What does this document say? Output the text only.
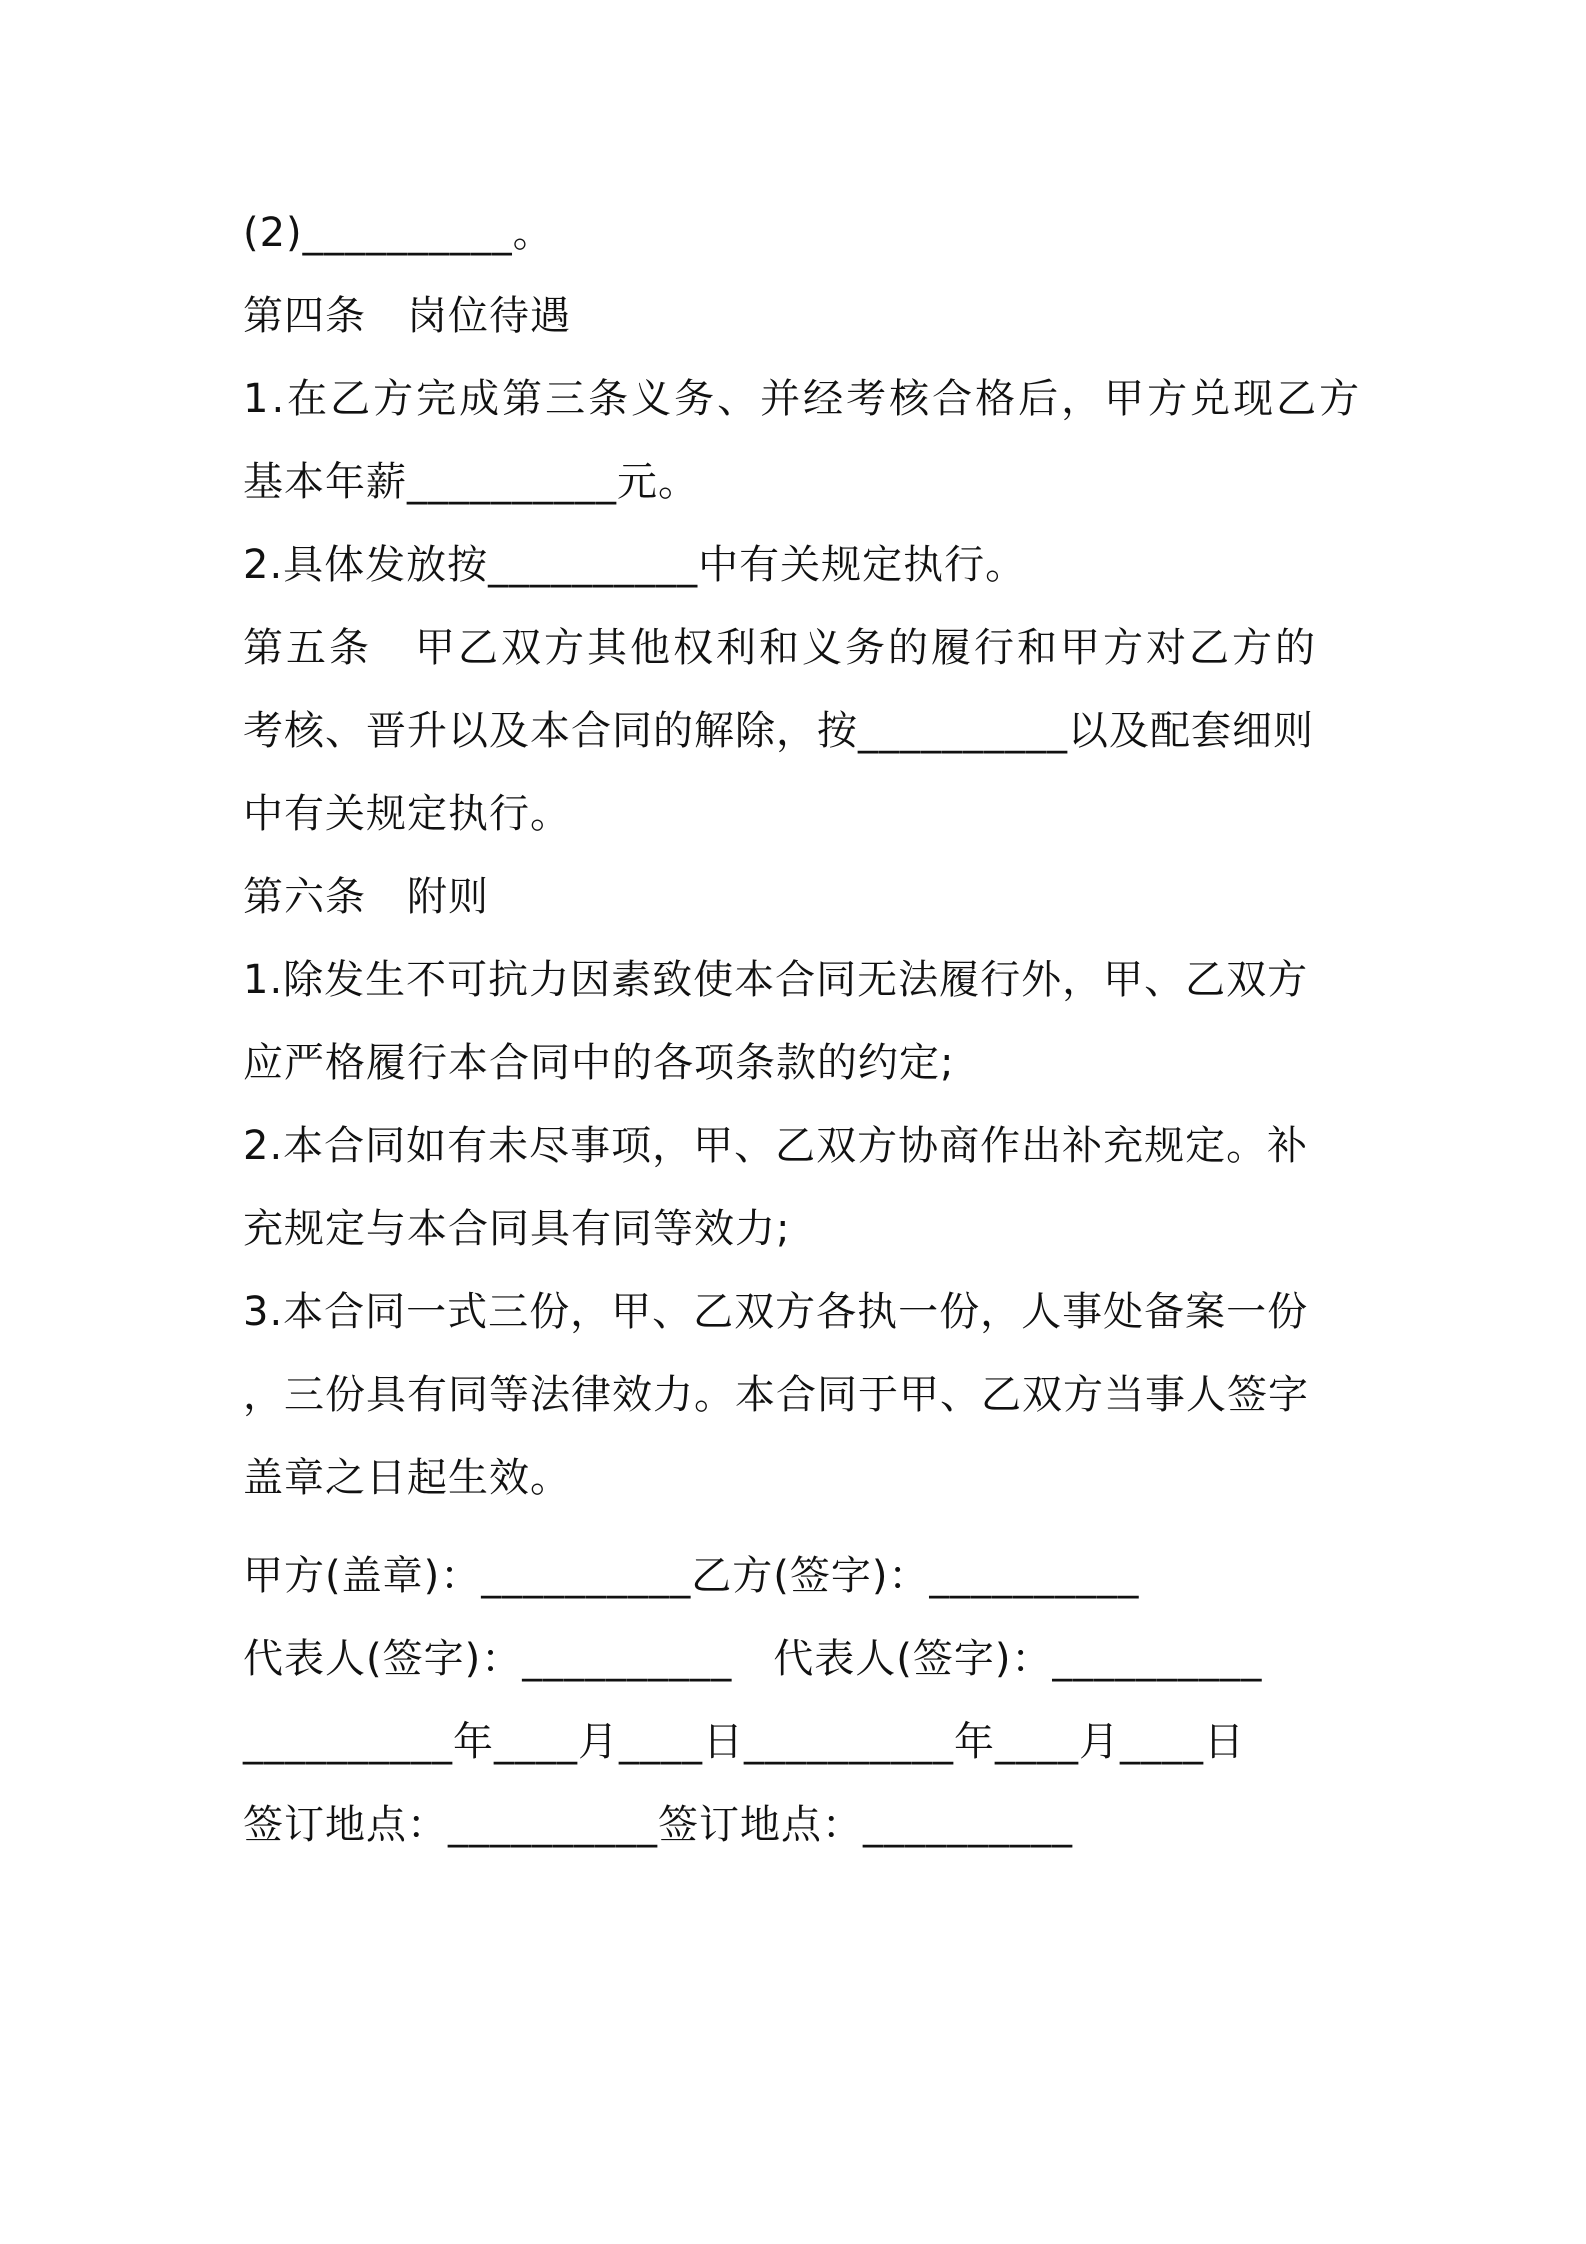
(2)__________。
第四条　岗位待遇
1.在乙方完成第三条义务、并经考核合格后，甲方兑现乙方
基本年薪__________元。
2.具体发放按__________中有关规定执行。
第五条　甲乙双方其他权利和义务的履行和甲方对乙方的
考核、晋升以及本合同的解除，按__________以及配套细则
中有关规定执行。
第六条　附则
1.除发生不可抗力因素致使本合同无法履行外，甲、乙双方
应严格履行本合同中的各项条款的约定;
2.本合同如有未尽事项，甲、乙双方协商作出补充规定。补
充规定与本合同具有同等效力;
3.本合同一式三份，甲、乙双方各执一份，人事处备案一份
，三份具有同等法律效力。本合同于甲、乙双方当事人签字
盖章之日起生效。
甲方(盖章)：__________乙方(签字)：__________
代表人(签字)：__________　代表人(签字)：__________
__________年____月____日__________年____月____日
签订地点：__________签订地点：__________
